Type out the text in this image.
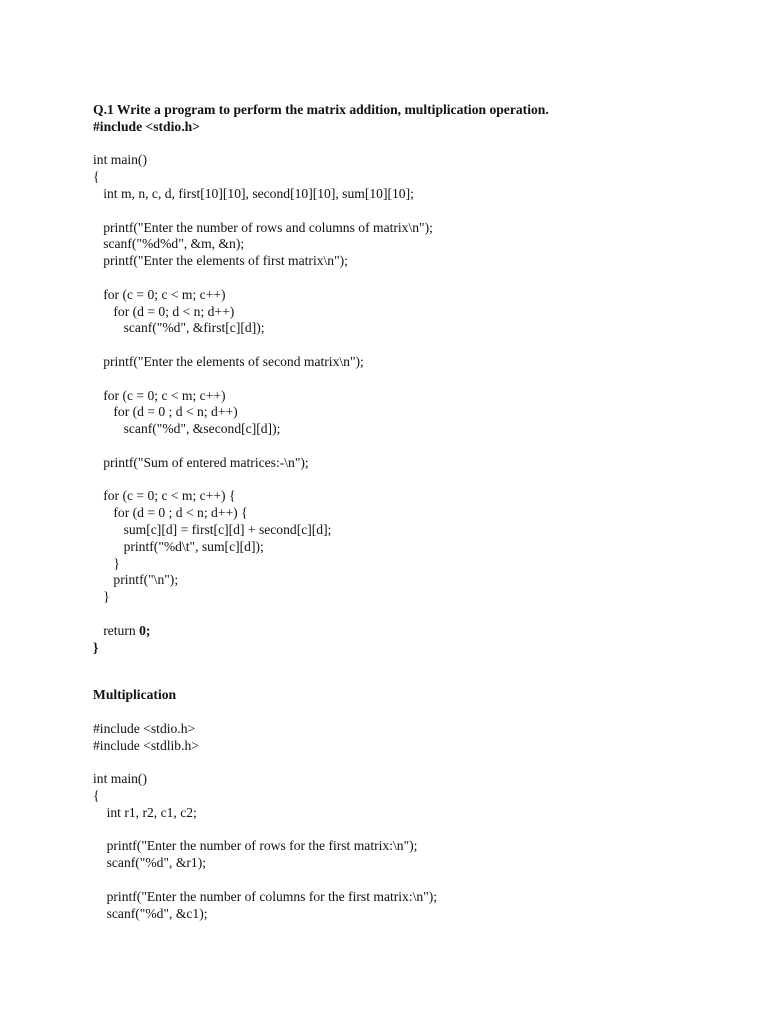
Q.1 Write a program to perform the matrix addition, multiplication operation.
#include <stdio.h>
int main()
{
int m, n, c, d, first[10][10], second[10][10], sum[10][10];
printf("Enter the number of rows and columns of matrix\n");
scanf("%d%d", &m, &n);
printf("Enter the elements of first matrix\n");
for (c = 0; c < m; c++)
for (d = 0; d < n; d++)
scanf("%d", &first[c][d]);
printf("Enter the elements of second matrix\n");
for (c = 0; c < m; c++)
for (d = 0 ; d < n; d++)
scanf("%d", &second[c][d]);
printf("Sum of entered matrices:-\n");
for (c = 0; c < m; c++) {
for (d = 0 ; d < n; d++) {
sum[c][d] = first[c][d] + second[c][d];
printf("%d\t", sum[c][d]);
}
printf("\n");
}
return 0;
}
Multiplication
#include <stdio.h>
#include <stdlib.h>
int main()
{
int r1, r2, c1, c2;
printf("Enter the number of rows for the first matrix:\n");
scanf("%d", &r1);
printf("Enter the number of columns for the first matrix:\n");
scanf("%d", &c1);
